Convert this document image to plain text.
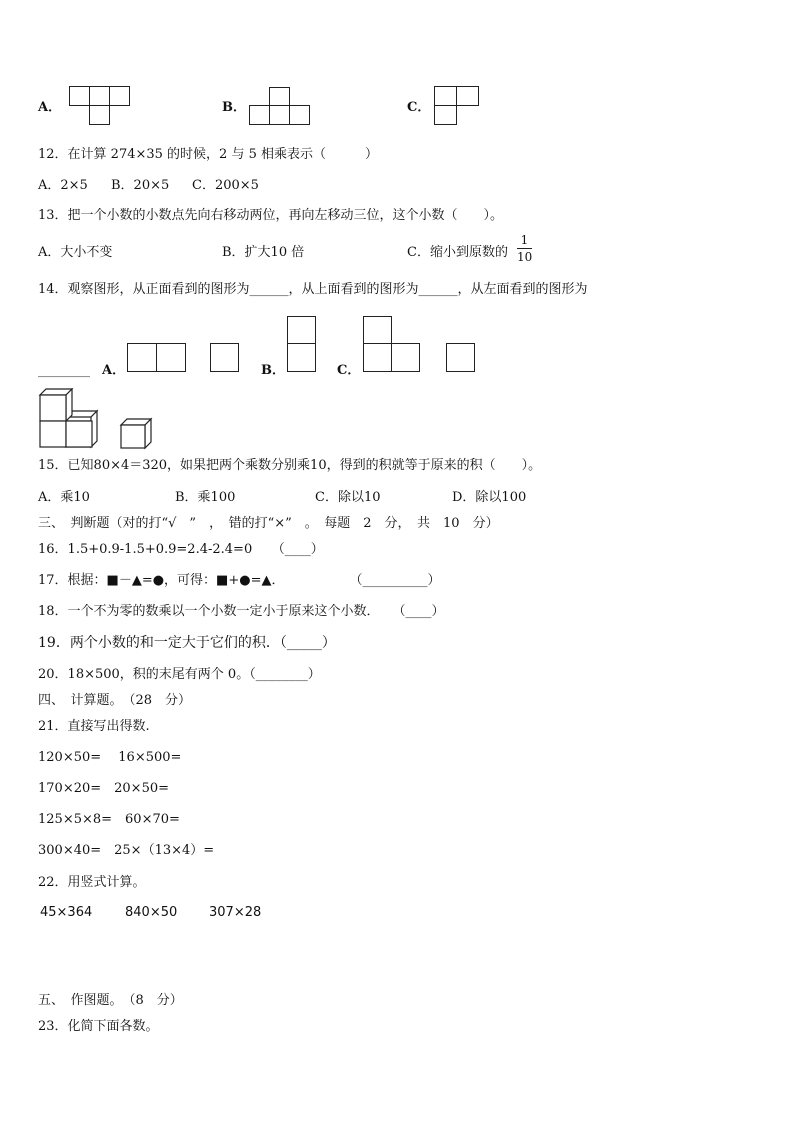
A．	B．	C．
12．在计算 274×35 的时候，2 与 5 相乘表示（　　　）
A．2×5 B．20×5 C．200×5
13．把一个小数的小数点先向右移动两位，再向左移动三位，这个小数（　　）。
A．大小不变	B．扩大10 倍	C．缩小到原数的
1
10
14．观察图形，从正面看到的图形为______，从上面看到的图形为______，从左面看到的图形为
________ A．	B．	C．
15．已知80×4＝320，如果把两个乘数分别乘10，得到的积就等于原来的积（　　）。
A．乘10	B．乘100	C．除以10	D．除以100
三、　判断题（对的打“√　”　，　错的打“×”　。　每题　2　分，　共　10　分）
16．1.5+0.9-1.5+0.9=2.4-2.4=0　　（____）
17．根据：■－▲=●，可得：■+●=▲．　　　　　　（__________）
18．一个不为零的数乘以一个小数一定小于原来这个小数．　　（____）
19．两个小数的和一定大于它们的积．（_____）
20．18×500，积的末尾有两个 0。（________）
四、　计算题。　（28　分）
21．直接写出得数.
120×50=　 16×500=
170×20=　20×50=
125×5×8=　60×70=
300×40=　25×（13×4）=
22．用竖式计算。
45×364	840×50 307×28
五、　作图题。　（8　分）
23．化简下面各数。
